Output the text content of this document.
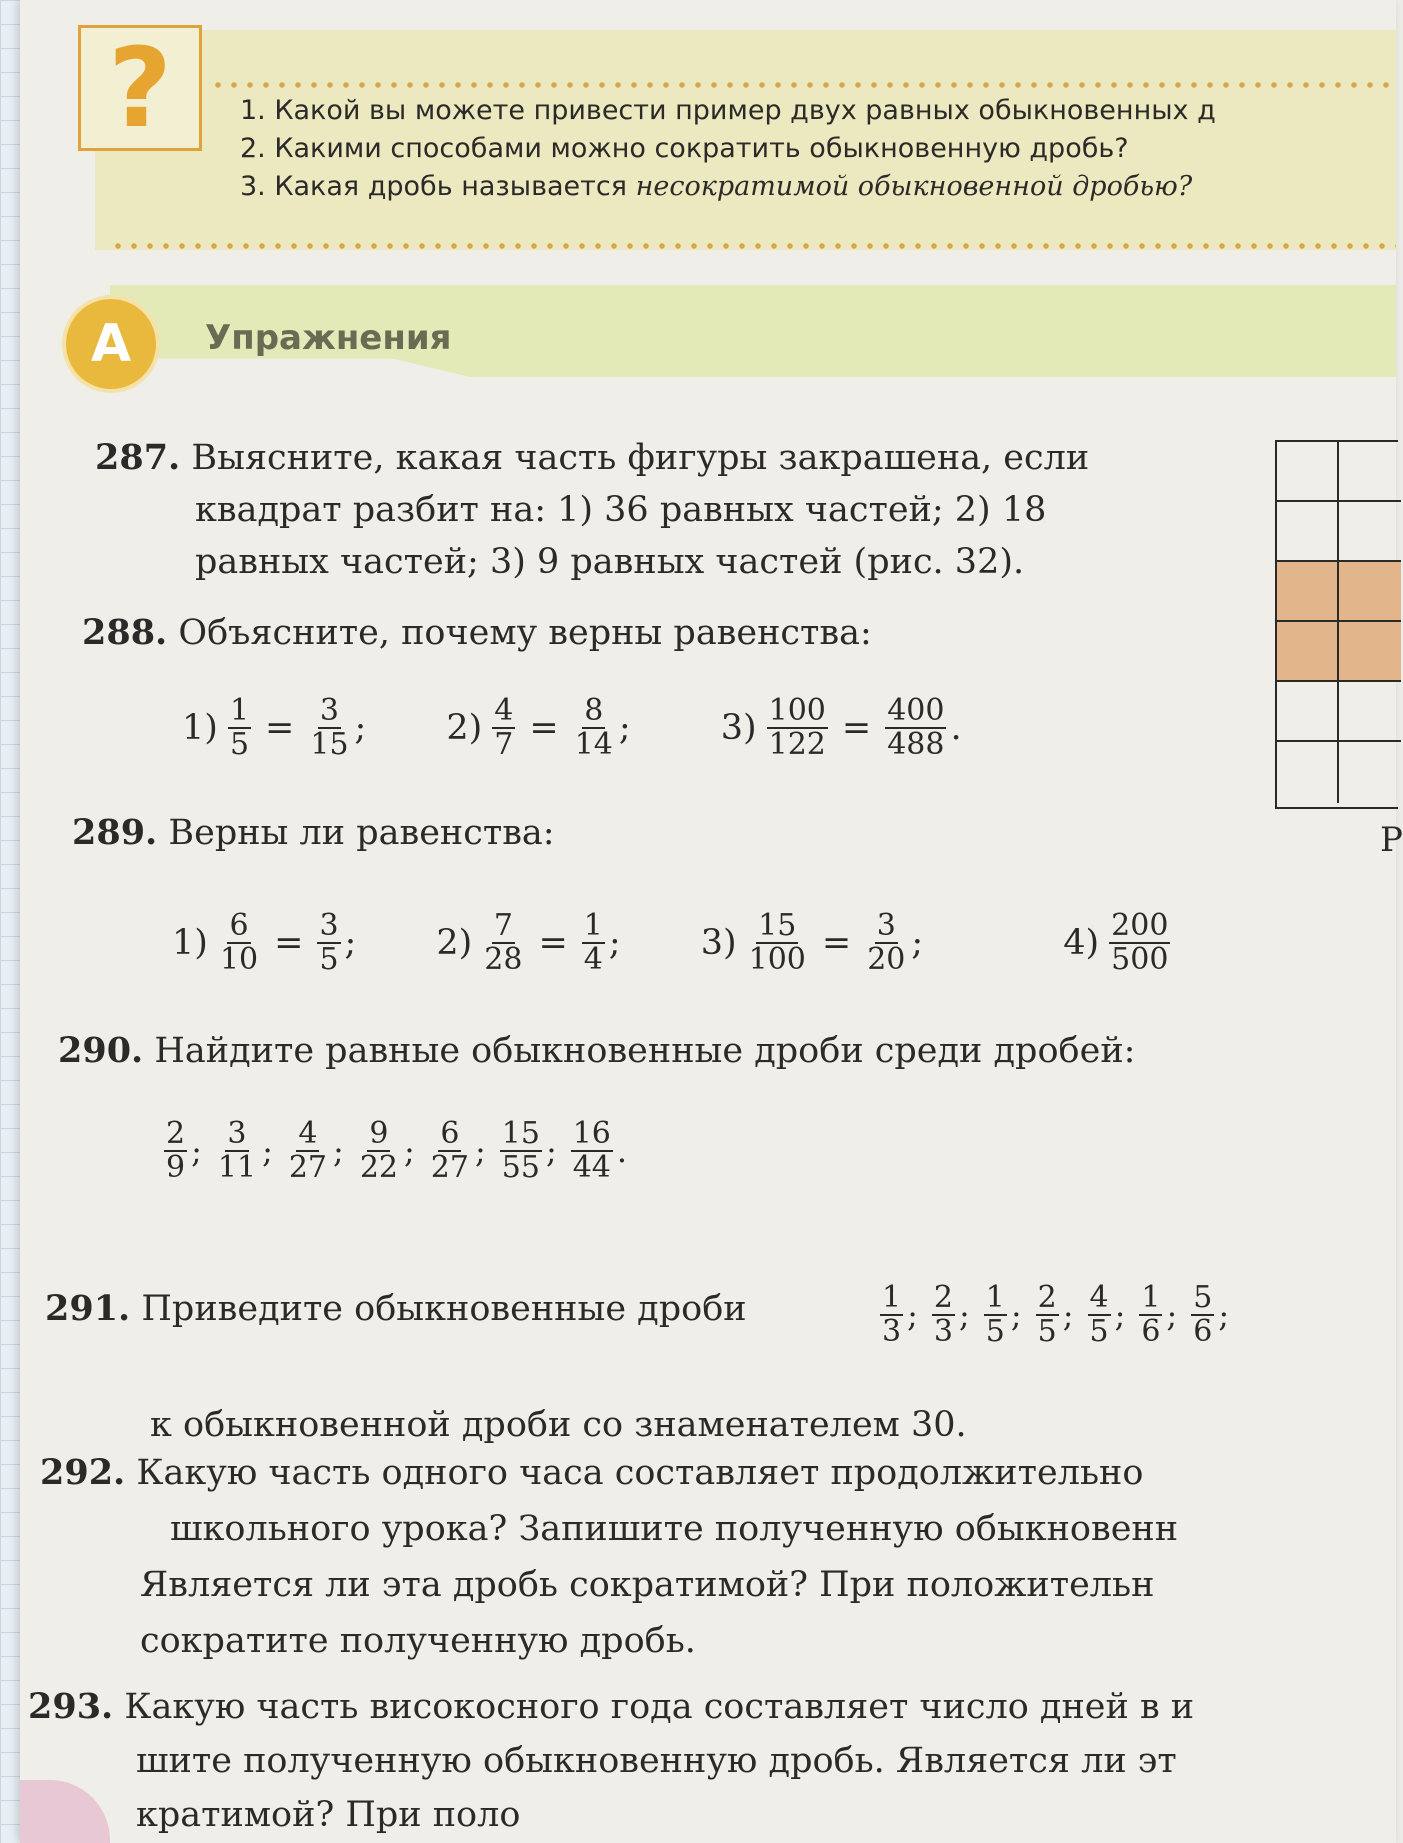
?	1. Какой вы можете привести пример двух равных обыкновенных д
2. Какими способами можно сократить обыкновенную дробь?
3. Какая дробь называется несократимой обыкновенной дробью?
А	Упражнения
287. Выясните, какая часть фигуры закрашена, если
квадрат разбит на: 1) 36 равных частей; 2) 18
равных частей; 3) 9 равных частей (рис. 32).
Р
288. Объясните, почему верны равенства:
$1) \frac{1}{5} = \frac{3}{15}$ ; $2) \frac{4}{7} = \frac{8}{14}$ ;	$3) \frac{100}{122} = \frac{400}{488}$ .
289. Верны ли равенства:
$1) \frac{6}{10} = \frac{3}{5}$ ; $2) \frac{7}{28} = \frac{1}{4}$ ; $3) \frac{15}{100} = \frac{3}{20}$ ;	$4) \frac{200}{500}$
290. Найдите равные обыкновенные дроби среди дробей:
$\frac{2}{9}$ ; $\frac{3}{11}$ ; $\frac{4}{27}$ ; $\frac{9}{22}$ ; $\frac{6}{27}$ ; $\frac{15}{55}$ ; $\frac{16}{44}$ .
291. Приведите обыкновенные дроби	$\frac{1}{3}$ ; $\frac{2}{3}$ ; $\frac{1}{5}$ ; $\frac{2}{5}$ ; $\frac{4}{5}$ ; $\frac{1}{6}$ ; $\frac{5}{6}$ ;
к обыкновенной дроби со знаменателем 30.
292. Какую часть одного часа составляет продолжительно
школьного урока? Запишите полученную обыкновенн
Является ли эта дробь сократимой? При положительн
сократите полученную дробь.
293. Какую часть високосного года составляет число дней в и
шите полученную обыкновенную дробь. Является ли эт
кратимой? При поло
